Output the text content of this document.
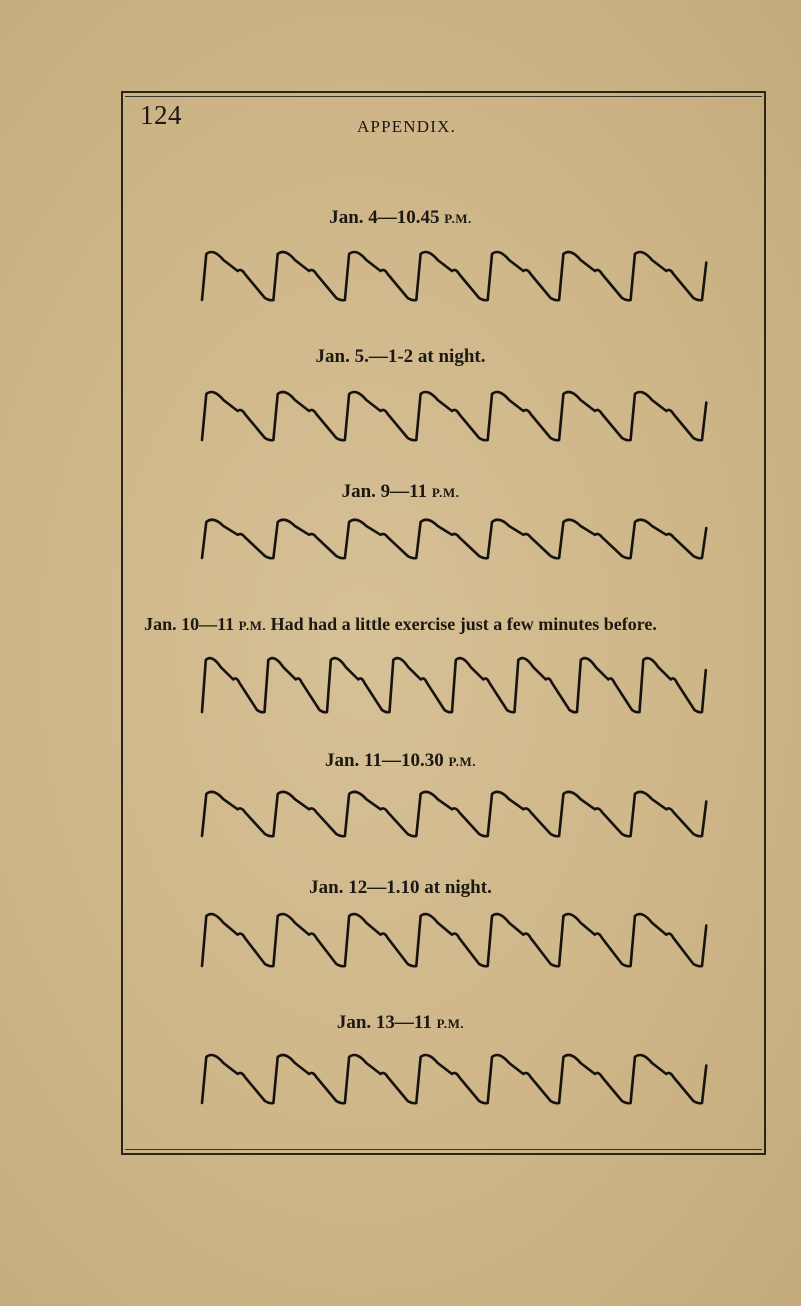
124	APPENDIX.
Jan. 4—10.45 P.M.
Jan. 5.—1-2 at night.
Jan. 9—11 P.M.
Jan. 10—11 P.M. Had had a little exercise just a few minutes before.
Jan. 11—10.30 P.M.
Jan. 12—1.10 at night.
Jan. 13—11 P.M.
